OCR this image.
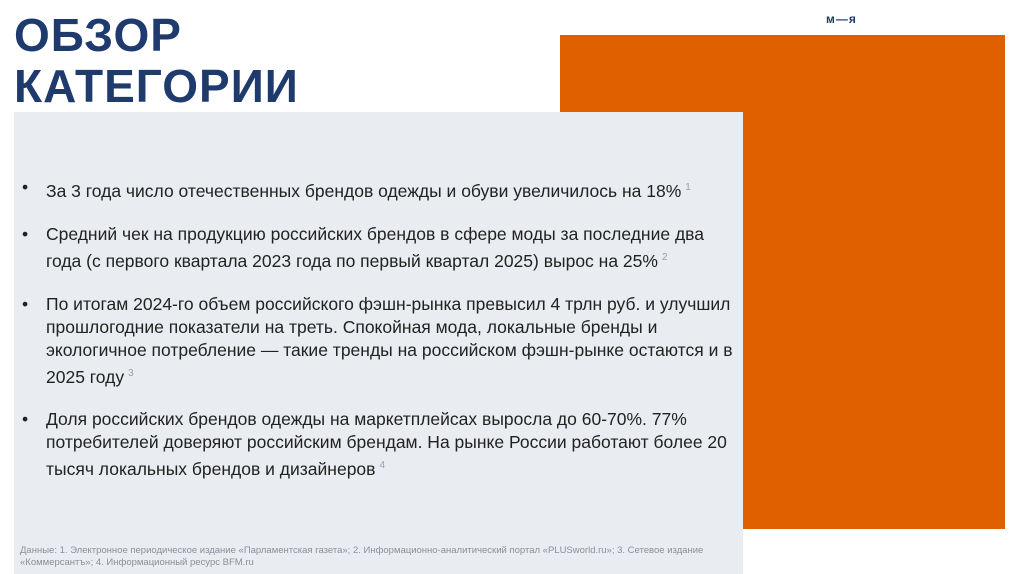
м—я
ОБЗОР
КАТЕГОРИИ
• За 3 года число отечественных брендов одежды и обуви увеличилось на 18% $^1$
• Средний чек на продукцию российских брендов в сфере моды за последние два года (с первого квартала 2023 года по первый квартал 2025) вырос на 25% $^2$
• По итогам 2024-го объем российского фэшн-рынка превысил 4 трлн руб. и улучшил прошлогодние показатели на треть. Спокойная мода, локальные бренды и экологичное потребление — такие тренды на российском фэшн-рынке остаются и в 2025 году $^3$
• Доля российских брендов одежды на маркетплейсах выросла до 60-70%. 77% потребителей доверяют российским брендам. На рынке России работают более 20 тысяч локальных брендов и дизайнеров $^4$
Данные: 1. Электронное периодическое издание «Парламентская газета»; 2. Информационно-аналитический портал «PLUSworld.ru»; 3. Сетевое издание «Коммерсантъ»; 4. Информационный ресурс BFM.ru
